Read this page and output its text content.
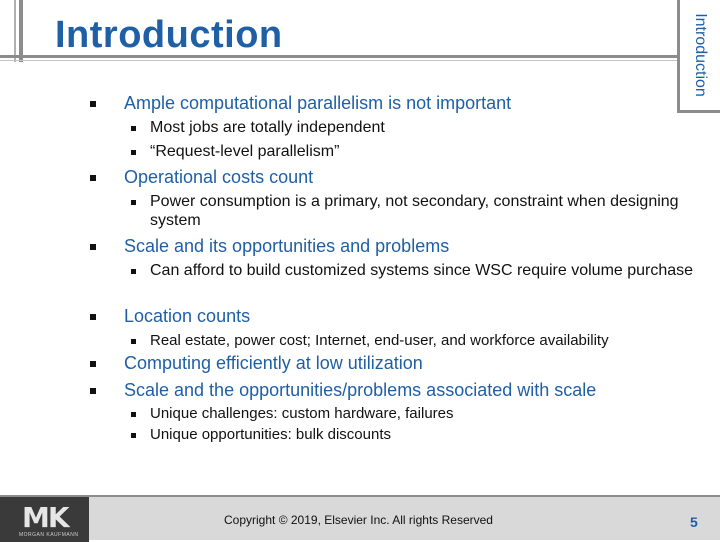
Introduction	Introduction
Ample computational parallelism is not important
Most jobs are totally independent
“Request-level parallelism”
Operational costs count
Power consumption is a primary, not secondary, constraint when designing system
Scale and its opportunities and problems
Can afford to build customized systems since WSC require volume purchase
Location counts
Real estate, power cost; Internet, end-user, and workforce availability
Computing efficiently at low utilization
Scale and the opportunities/problems associated with scale
Unique challenges: custom hardware, failures
Unique opportunities: bulk discounts
MK
MORGAN KAUFMANN
Copyright © 2019, Elsevier Inc. All rights Reserved	5
